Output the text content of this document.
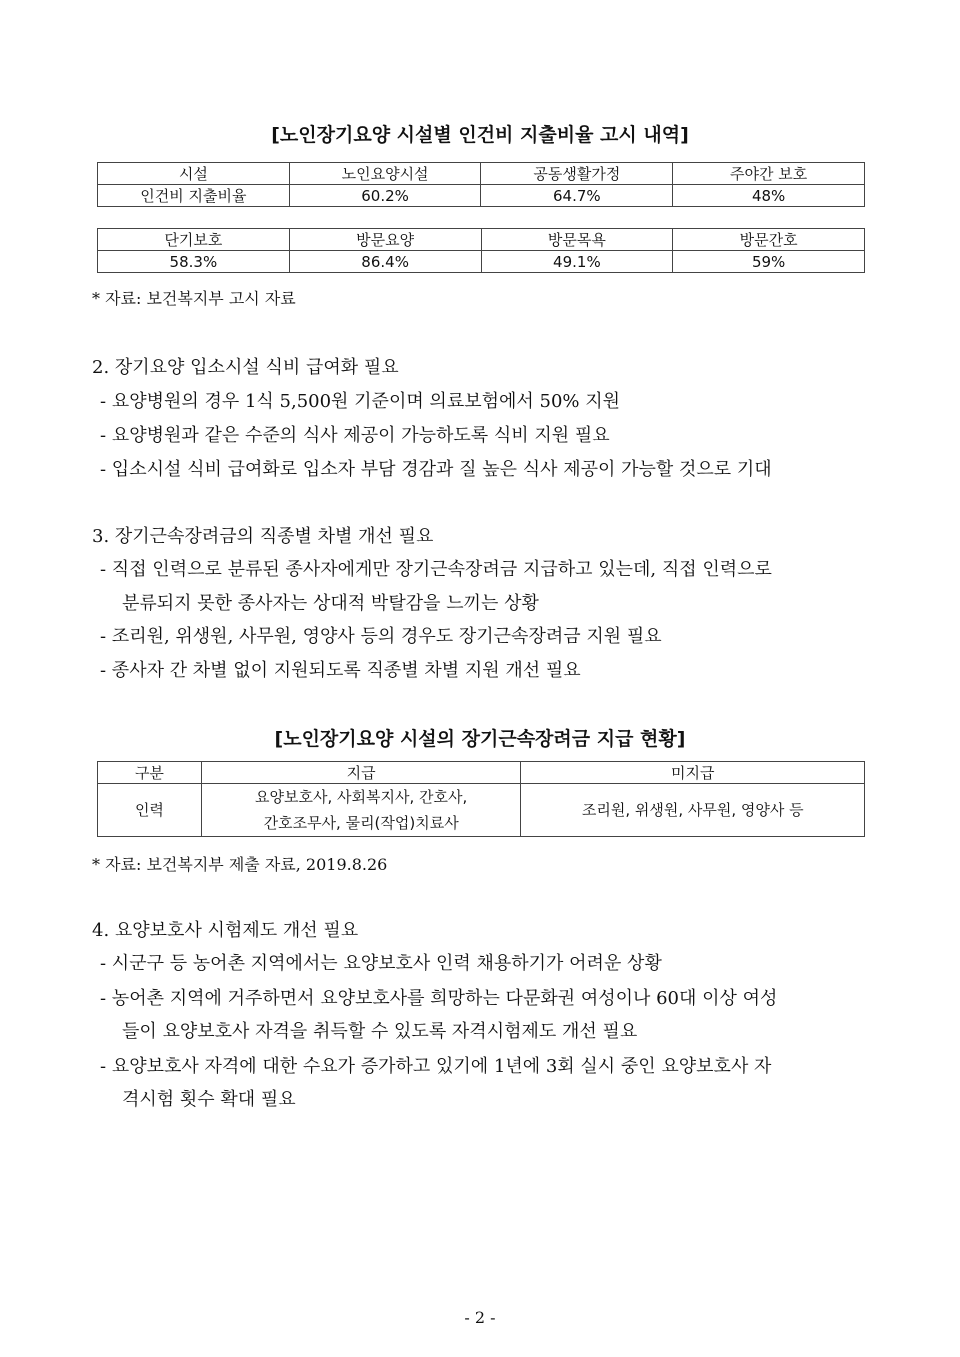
[노인장기요양 시설별 인건비 지출비율 고시 내역]
시설	노인요양시설	공동생활가정	주야간 보호
인건비 지출비율	60.2%	64.7%	48%
단기보호	방문요양	방문목욕	방문간호
58.3%	86.4%	49.1%	59%
* 자료: 보건복지부 고시 자료
2. 장기요양 입소시설 식비 급여화 필요
- 요양병원의 경우 1식 5,500원 기준이며 의료보험에서 50% 지원
- 요양병원과 같은 수준의 식사 제공이 가능하도록 식비 지원 필요
- 입소시설 식비 급여화로 입소자 부담 경감과 질 높은 식사 제공이 가능할 것으로 기대
3. 장기근속장려금의 직종별 차별 개선 필요
- 직접 인력으로 분류된 종사자에게만 장기근속장려금 지급하고 있는데, 직접 인력으로
분류되지 못한 종사자는 상대적 박탈감을 느끼는 상황
- 조리원, 위생원, 사무원, 영양사 등의 경우도 장기근속장려금 지원 필요
- 종사자 간 차별 없이 지원되도록 직종별 차별 지원 개선 필요
[노인장기요양 시설의 장기근속장려금 지급 현황]
구분	지급	미지급
인력	요양보호사, 사회복지사, 간호사,
간호조무사, 물리(작업)치료사	조리원, 위생원, 사무원, 영양사 등
* 자료: 보건복지부 제출 자료, 2019.8.26
4. 요양보호사 시험제도 개선 필요
- 시군구 등 농어촌 지역에서는 요양보호사 인력 채용하기가 어려운 상황
- 농어촌 지역에 거주하면서 요양보호사를 희망하는 다문화권 여성이나 60대 이상 여성
들이 요양보호사 자격을 취득할 수 있도록 자격시험제도 개선 필요
- 요양보호사 자격에 대한 수요가 증가하고 있기에 1년에 3회 실시 중인 요양보호사 자
격시험 횟수 확대 필요
- 2 -
